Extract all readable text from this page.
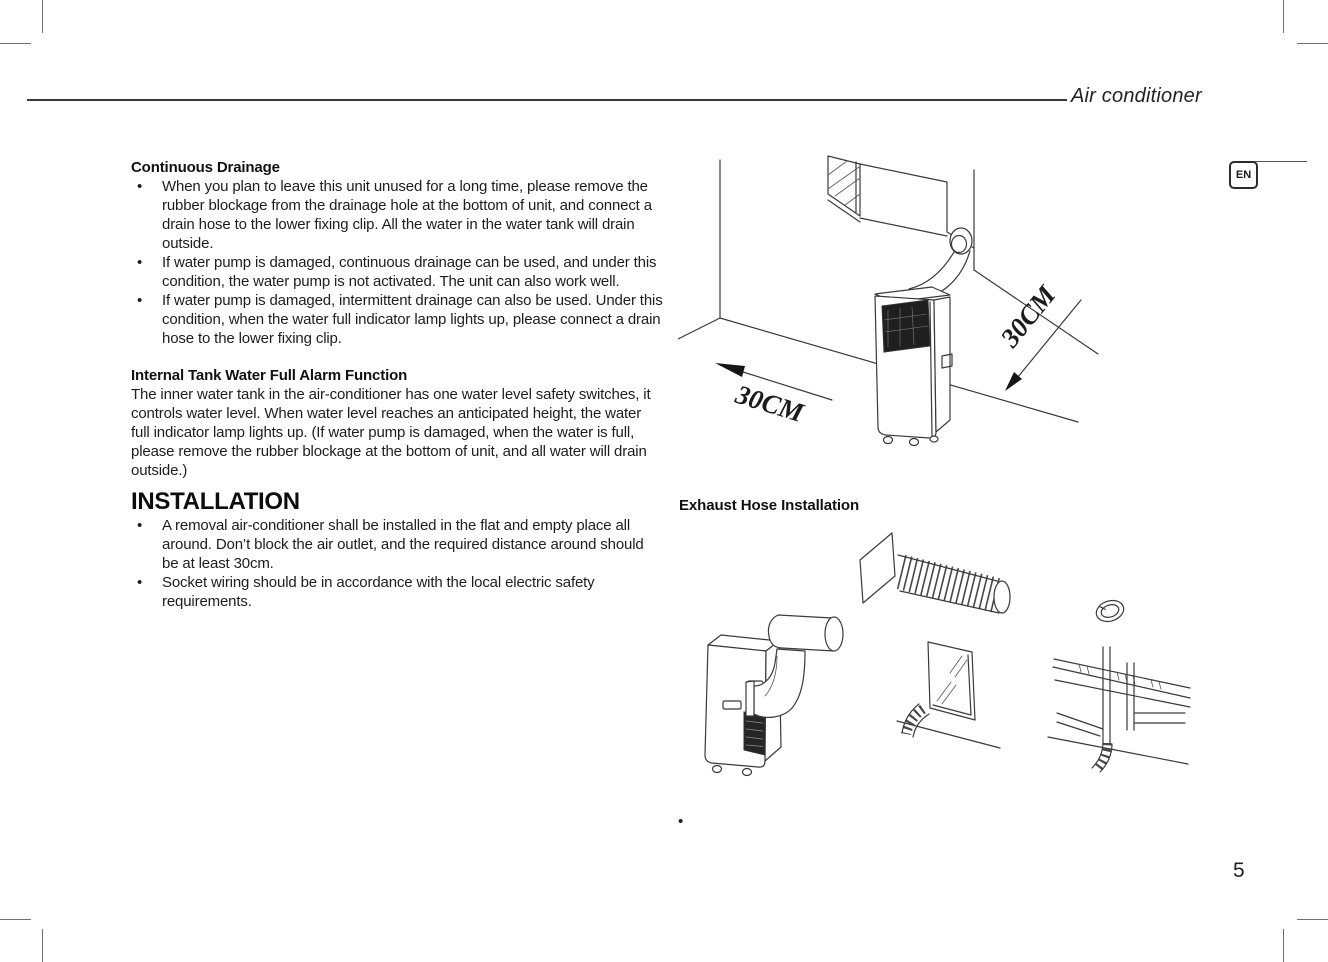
Air conditioner
EN
Continuous Drainage
•	When you plan to leave this unit unused for a long time, please remove the rubber blockage from the drainage hole at the bottom of unit, and connect a drain hose to the lower fixing clip. All the water in the water tank will drain outside.
•	If water pump is damaged, continuous drainage can be used, and under this condition, the water pump is not activated. The unit can also work well.
•	If water pump is damaged, intermittent drainage can also be used. Under this condition, when the water full indicator lamp lights up, please connect a drain hose to the lower fixing clip.
Internal Tank Water Full Alarm Function
The inner water tank in the air-conditioner has one water level safety switches, it controls water level. When water level reaches an anticipated height, the water full indicator lamp lights up. (If water pump is damaged, when the water is full, please remove the rubber blockage at the bottom of unit, and all water will drain outside.)
INSTALLATION
•	A removal air-conditioner shall be installed in the flat and empty place all around. Don’t block the air outlet, and the required distance around should be at least 30cm.
•	Socket wiring should be in accordance with the local electric safety requirements.
30CM
30CM
Exhaust Hose Installation
•
5
